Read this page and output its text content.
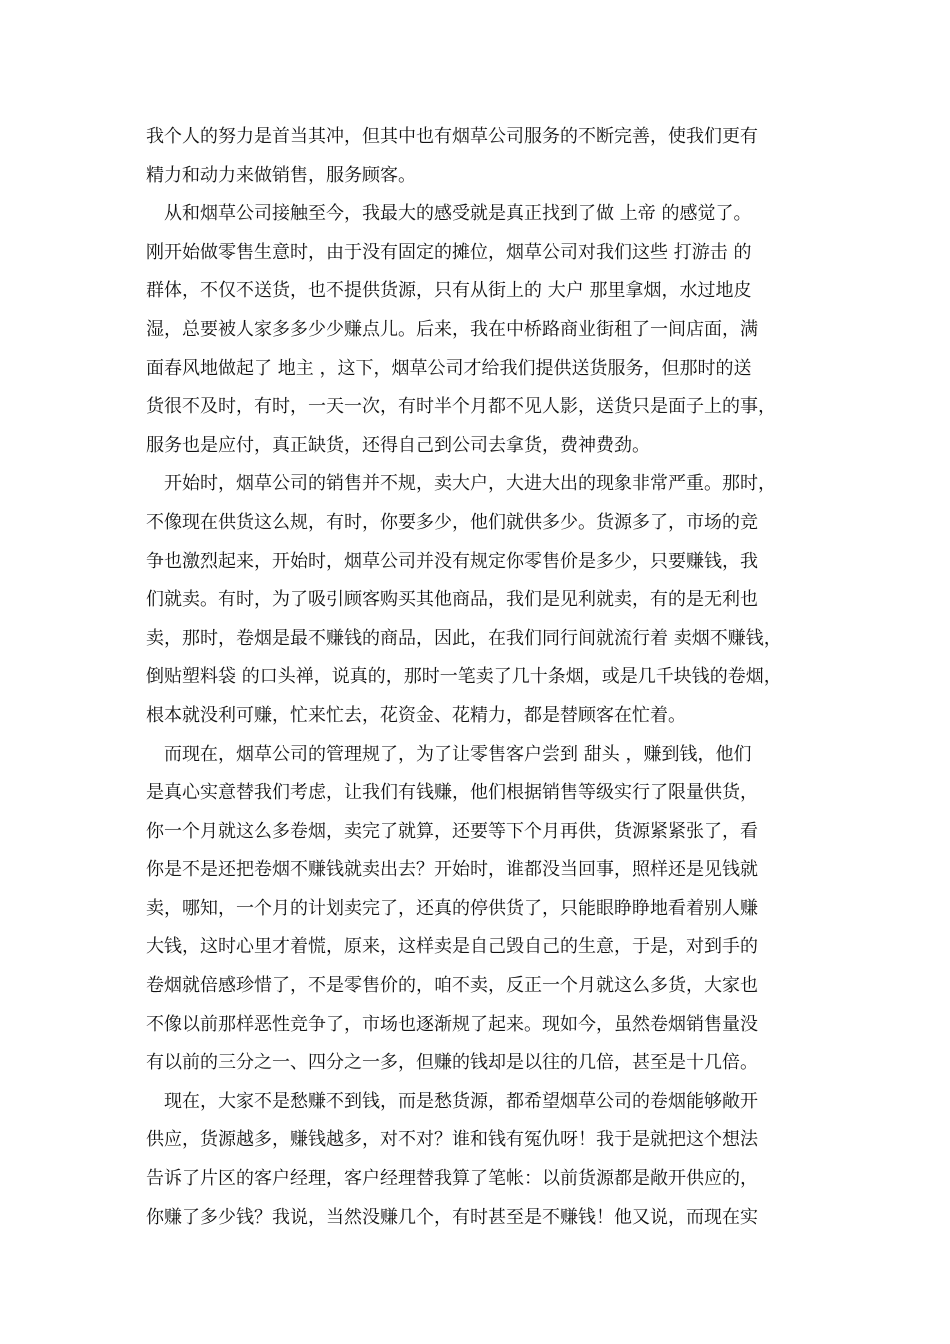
我个人的努力是首当其冲，但其中也有烟草公司服务的不断完善，使我们更有
精力和动力来做销售，服务顾客。
　从和烟草公司接触至今，我最大的感受就是真正找到了做 上帝 的感觉了。
刚开始做零售生意时，由于没有固定的摊位，烟草公司对我们这些 打游击 的
群体，不仅不送货，也不提供货源，只有从街上的 大户 那里拿烟，水过地皮
湿，总要被人家多多少少赚点儿。后来，我在中桥路商业街租了一间店面，满
面春风地做起了 地主 ，这下，烟草公司才给我们提供送货服务，但那时的送
货很不及时，有时，一天一次，有时半个月都不见人影，送货只是面子上的事，
服务也是应付，真正缺货，还得自己到公司去拿货，费神费劲。
　开始时，烟草公司的销售并不规，卖大户，大进大出的现象非常严重。那时，
不像现在供货这么规，有时，你要多少，他们就供多少。货源多了，市场的竞
争也激烈起来，开始时，烟草公司并没有规定你零售价是多少，只要赚钱，我
们就卖。有时，为了吸引顾客购买其他商品，我们是见利就卖，有的是无利也
卖，那时，卷烟是最不赚钱的商品，因此，在我们同行间就流行着 卖烟不赚钱，
倒贴塑料袋 的口头禅，说真的，那时一笔卖了几十条烟，或是几千块钱的卷烟，
根本就没利可赚，忙来忙去，花资金、花精力，都是替顾客在忙着。
　而现在，烟草公司的管理规了，为了让零售客户尝到 甜头 ，赚到钱，他们
是真心实意替我们考虑，让我们有钱赚，他们根据销售等级实行了限量供货，
你一个月就这么多卷烟，卖完了就算，还要等下个月再供，货源紧紧张了，看
你是不是还把卷烟不赚钱就卖出去？开始时，谁都没当回事，照样还是见钱就
卖，哪知，一个月的计划卖完了，还真的停供货了，只能眼睁睁地看着别人赚
大钱，这时心里才着慌，原来，这样卖是自己毁自己的生意，于是，对到手的
卷烟就倍感珍惜了，不是零售价的，咱不卖，反正一个月就这么多货，大家也
不像以前那样恶性竞争了，市场也逐渐规了起来。现如今，虽然卷烟销售量没
有以前的三分之一、四分之一多，但赚的钱却是以往的几倍，甚至是十几倍。
　现在，大家不是愁赚不到钱，而是愁货源，都希望烟草公司的卷烟能够敞开
供应，货源越多，赚钱越多，对不对？谁和钱有冤仇呀！我于是就把这个想法
告诉了片区的客户经理，客户经理替我算了笔帐：以前货源都是敞开供应的，
你赚了多少钱？我说，当然没赚几个，有时甚至是不赚钱！他又说，而现在实
